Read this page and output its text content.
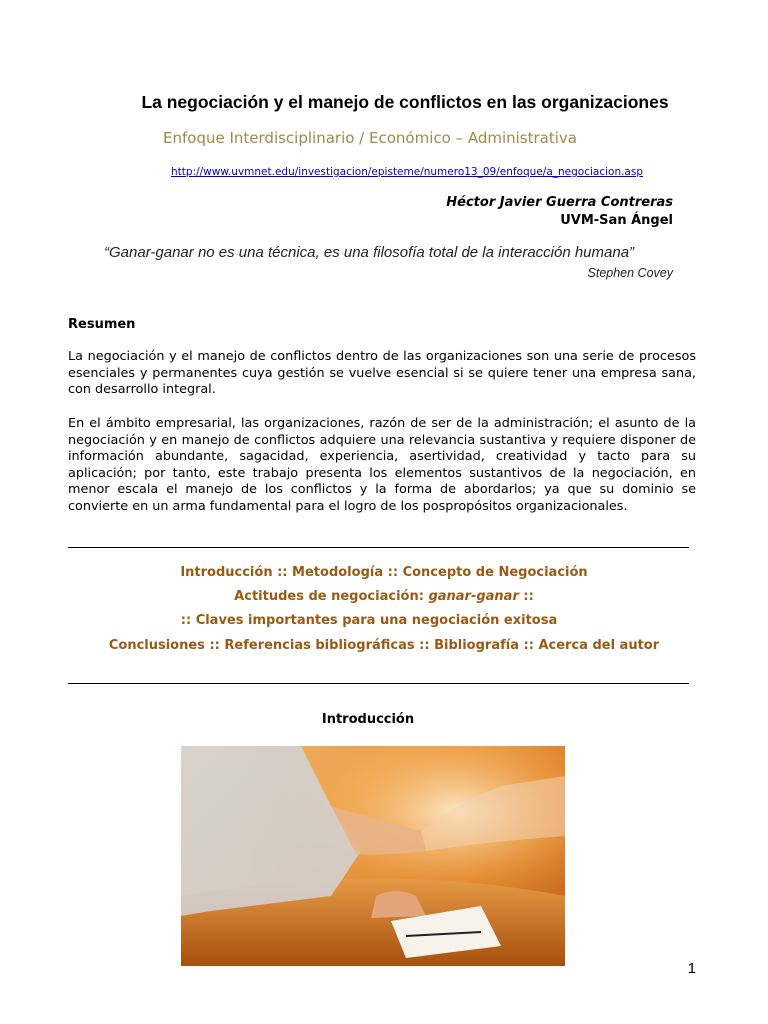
La negociación y el manejo de conflictos en las organizaciones
Enfoque Interdisciplinario / Económico – Administrativa
http://www.uvmnet.edu/investigacion/episteme/numero13_09/enfoque/a_negociacion.asp
Héctor Javier Guerra Contreras
UVM-San Ángel
“Ganar-ganar no es una técnica, es una filosofía total de la interacción humana”
Stephen Covey
Resumen

La negociación y el manejo de conflictos dentro de las organizaciones son una serie de procesos esenciales y permanentes cuya gestión se vuelve esencial si se quiere tener una empresa sana, con desarrollo integral.

En el ámbito empresarial, las organizaciones, razón de ser de la administración; el asunto de la negociación y en manejo de conflictos adquiere una relevancia sustantiva y requiere disponer de información abundante, sagacidad, experiencia, asertividad, creatividad y tacto para su aplicación; por tanto, este trabajo presenta los elementos sustantivos de la negociación, en menor escala el manejo de los conflictos y la forma de abordarlos; ya que su dominio se convierte en un arma fundamental para el logro de los pospropósitos organizacionales.

Introducción :: Metodología :: Concepto de Negociación
Actitudes de negociación: ganar-ganar ::
:: Claves importantes para una negociación exitosa
Conclusiones :: Referencias bibliográficas :: Bibliografía :: Acerca del autor
Introducción
1
